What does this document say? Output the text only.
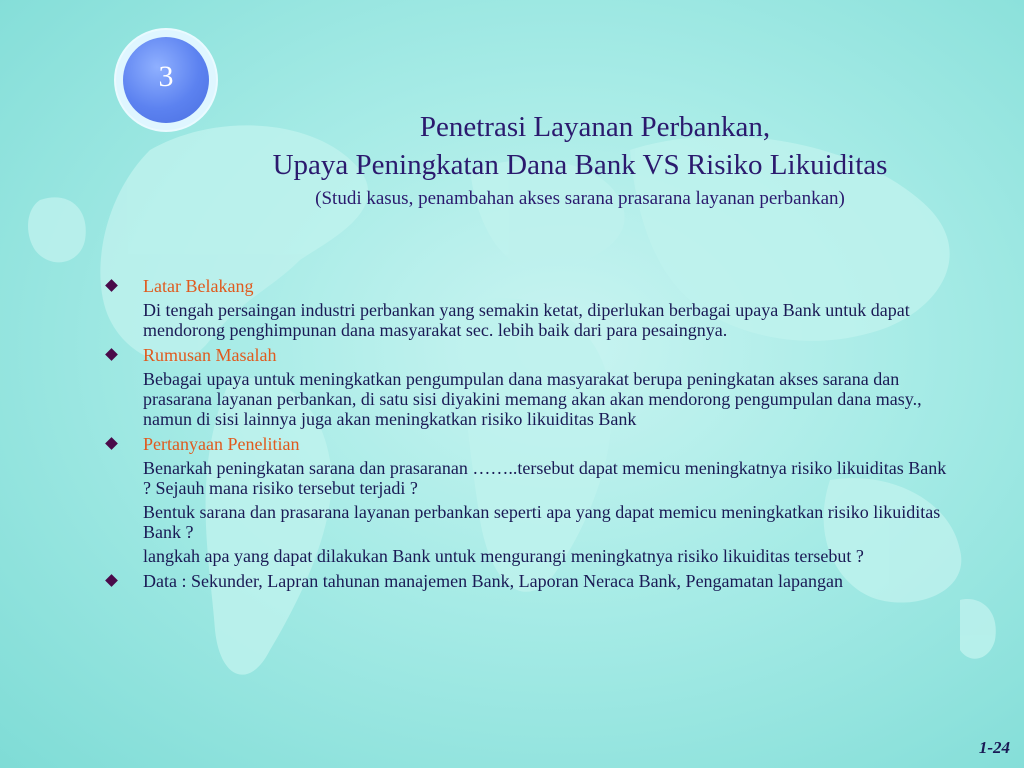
3
Penetrasi Layanan Perbankan,
Upaya Peningkatan Dana Bank VS Risiko Likuiditas
(Studi kasus, penambahan akses sarana prasarana layanan perbankan)
Latar Belakang
Di tengah persaingan industri perbankan yang semakin ketat, diperlukan berbagai upaya Bank untuk dapat mendorong penghimpunan dana masyarakat sec. lebih baik dari para pesaingnya.
Rumusan Masalah
Bebagai upaya untuk meningkatkan pengumpulan dana masyarakat berupa peningkatan akses sarana dan prasarana layanan perbankan, di satu sisi diyakini memang akan akan mendorong pengumpulan dana masy., namun di sisi lainnya juga akan meningkatkan risiko likuiditas Bank
Pertanyaan Penelitian
Benarkah peningkatan sarana dan prasaranan ……..tersebut dapat memicu meningkatnya risiko likuiditas Bank ? Sejauh mana risiko tersebut terjadi ?
Bentuk sarana dan prasarana layanan perbankan seperti apa yang dapat memicu meningkatkan risiko likuiditas Bank ?
langkah apa yang dapat dilakukan Bank untuk mengurangi meningkatnya risiko likuiditas tersebut ?
Data : Sekunder, Lapran tahunan manajemen Bank, Laporan Neraca Bank, Pengamatan lapangan
1-24
